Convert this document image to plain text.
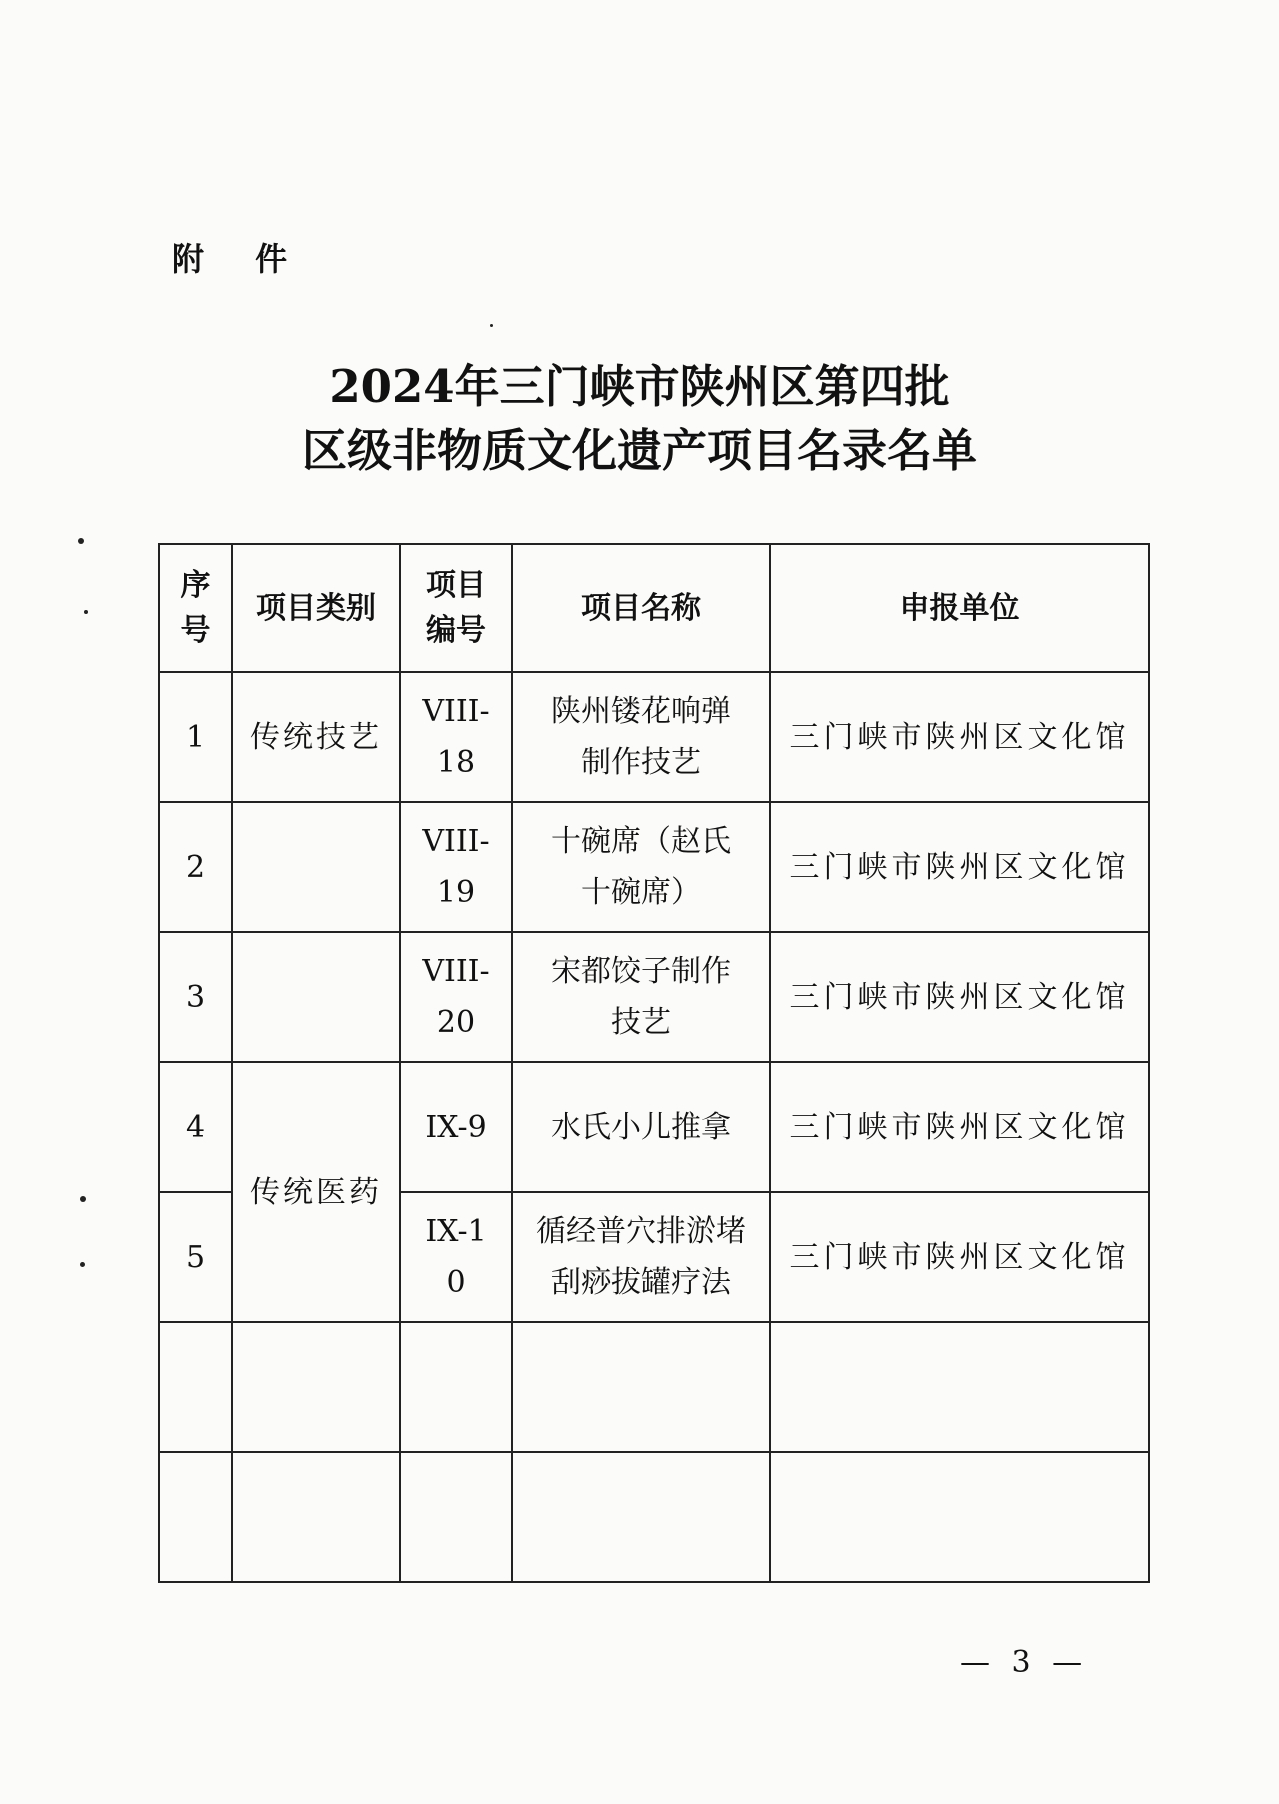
附 件
2024年三门峡市陕州区第四批
区级非物质文化遗产项目名录名单
序号	项目类别	项目编号	项目名称	申报单位
1	传统技艺	VIII-18	陕州镂花响弹制作技艺	三门峡市陕州区文化馆
2		VIII-19	十碗席（赵氏十碗席）	三门峡市陕州区文化馆
3		VIII-20	宋都饺子制作技艺	三门峡市陕州区文化馆
4	传统医药	IX-9	水氏小儿推拿	三门峡市陕州区文化馆
5		IX-10	循经普穴排淤堵刮痧拔罐疗法	三门峡市陕州区文化馆

— 3 —
